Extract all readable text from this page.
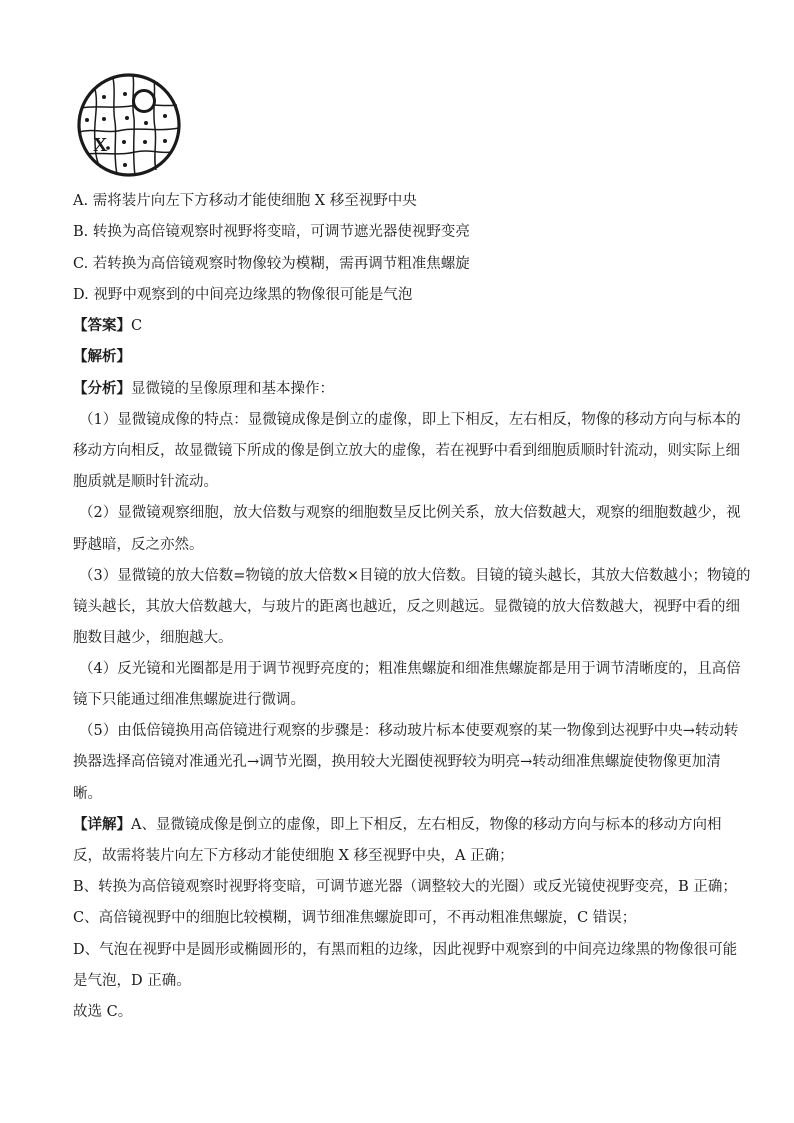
X
A. 需将装片向左下方移动才能使细胞 X 移至视野中央
B. 转换为高倍镜观察时视野将变暗，可调节遮光器使视野变亮
C. 若转换为高倍镜观察时物像较为模糊，需再调节粗准焦螺旋
D. 视野中观察到的中间亮边缘黑的物像很可能是气泡
【答案】C
【解析】
【分析】显微镜的呈像原理和基本操作：
（1）显微镜成像的特点：显微镜成像是倒立的虚像，即上下相反，左右相反，物像的移动方向与标本的
移动方向相反，故显微镜下所成的像是倒立放大的虚像，若在视野中看到细胞质顺时针流动，则实际上细
胞质就是顺时针流动。
（2）显微镜观察细胞，放大倍数与观察的细胞数呈反比例关系，放大倍数越大，观察的细胞数越少，视
野越暗，反之亦然。
（3）显微镜的放大倍数=物镜的放大倍数×目镜的放大倍数。目镜的镜头越长，其放大倍数越小；物镜的
镜头越长，其放大倍数越大，与玻片的距离也越近，反之则越远。显微镜的放大倍数越大，视野中看的细
胞数目越少，细胞越大。
（4）反光镜和光圈都是用于调节视野亮度的；粗准焦螺旋和细准焦螺旋都是用于调节清晰度的，且高倍
镜下只能通过细准焦螺旋进行微调。
（5）由低倍镜换用高倍镜进行观察的步骤是：移动玻片标本使要观察的某一物像到达视野中央→转动转
换器选择高倍镜对准通光孔→调节光圈，换用较大光圈使视野较为明亮→转动细准焦螺旋使物像更加清
晰。
【详解】A、显微镜成像是倒立的虚像，即上下相反，左右相反，物像的移动方向与标本的移动方向相
反，故需将装片向左下方移动才能使细胞 X 移至视野中央，A 正确；
B、转换为高倍镜观察时视野将变暗，可调节遮光器（调整较大的光圈）或反光镜使视野变亮，B 正确；
C、高倍镜视野中的细胞比较模糊，调节细准焦螺旋即可，不再动粗准焦螺旋，C 错误；
D、气泡在视野中是圆形或椭圆形的，有黑而粗的边缘，因此视野中观察到的中间亮边缘黑的物像很可能
是气泡，D 正确。
故选 C。
